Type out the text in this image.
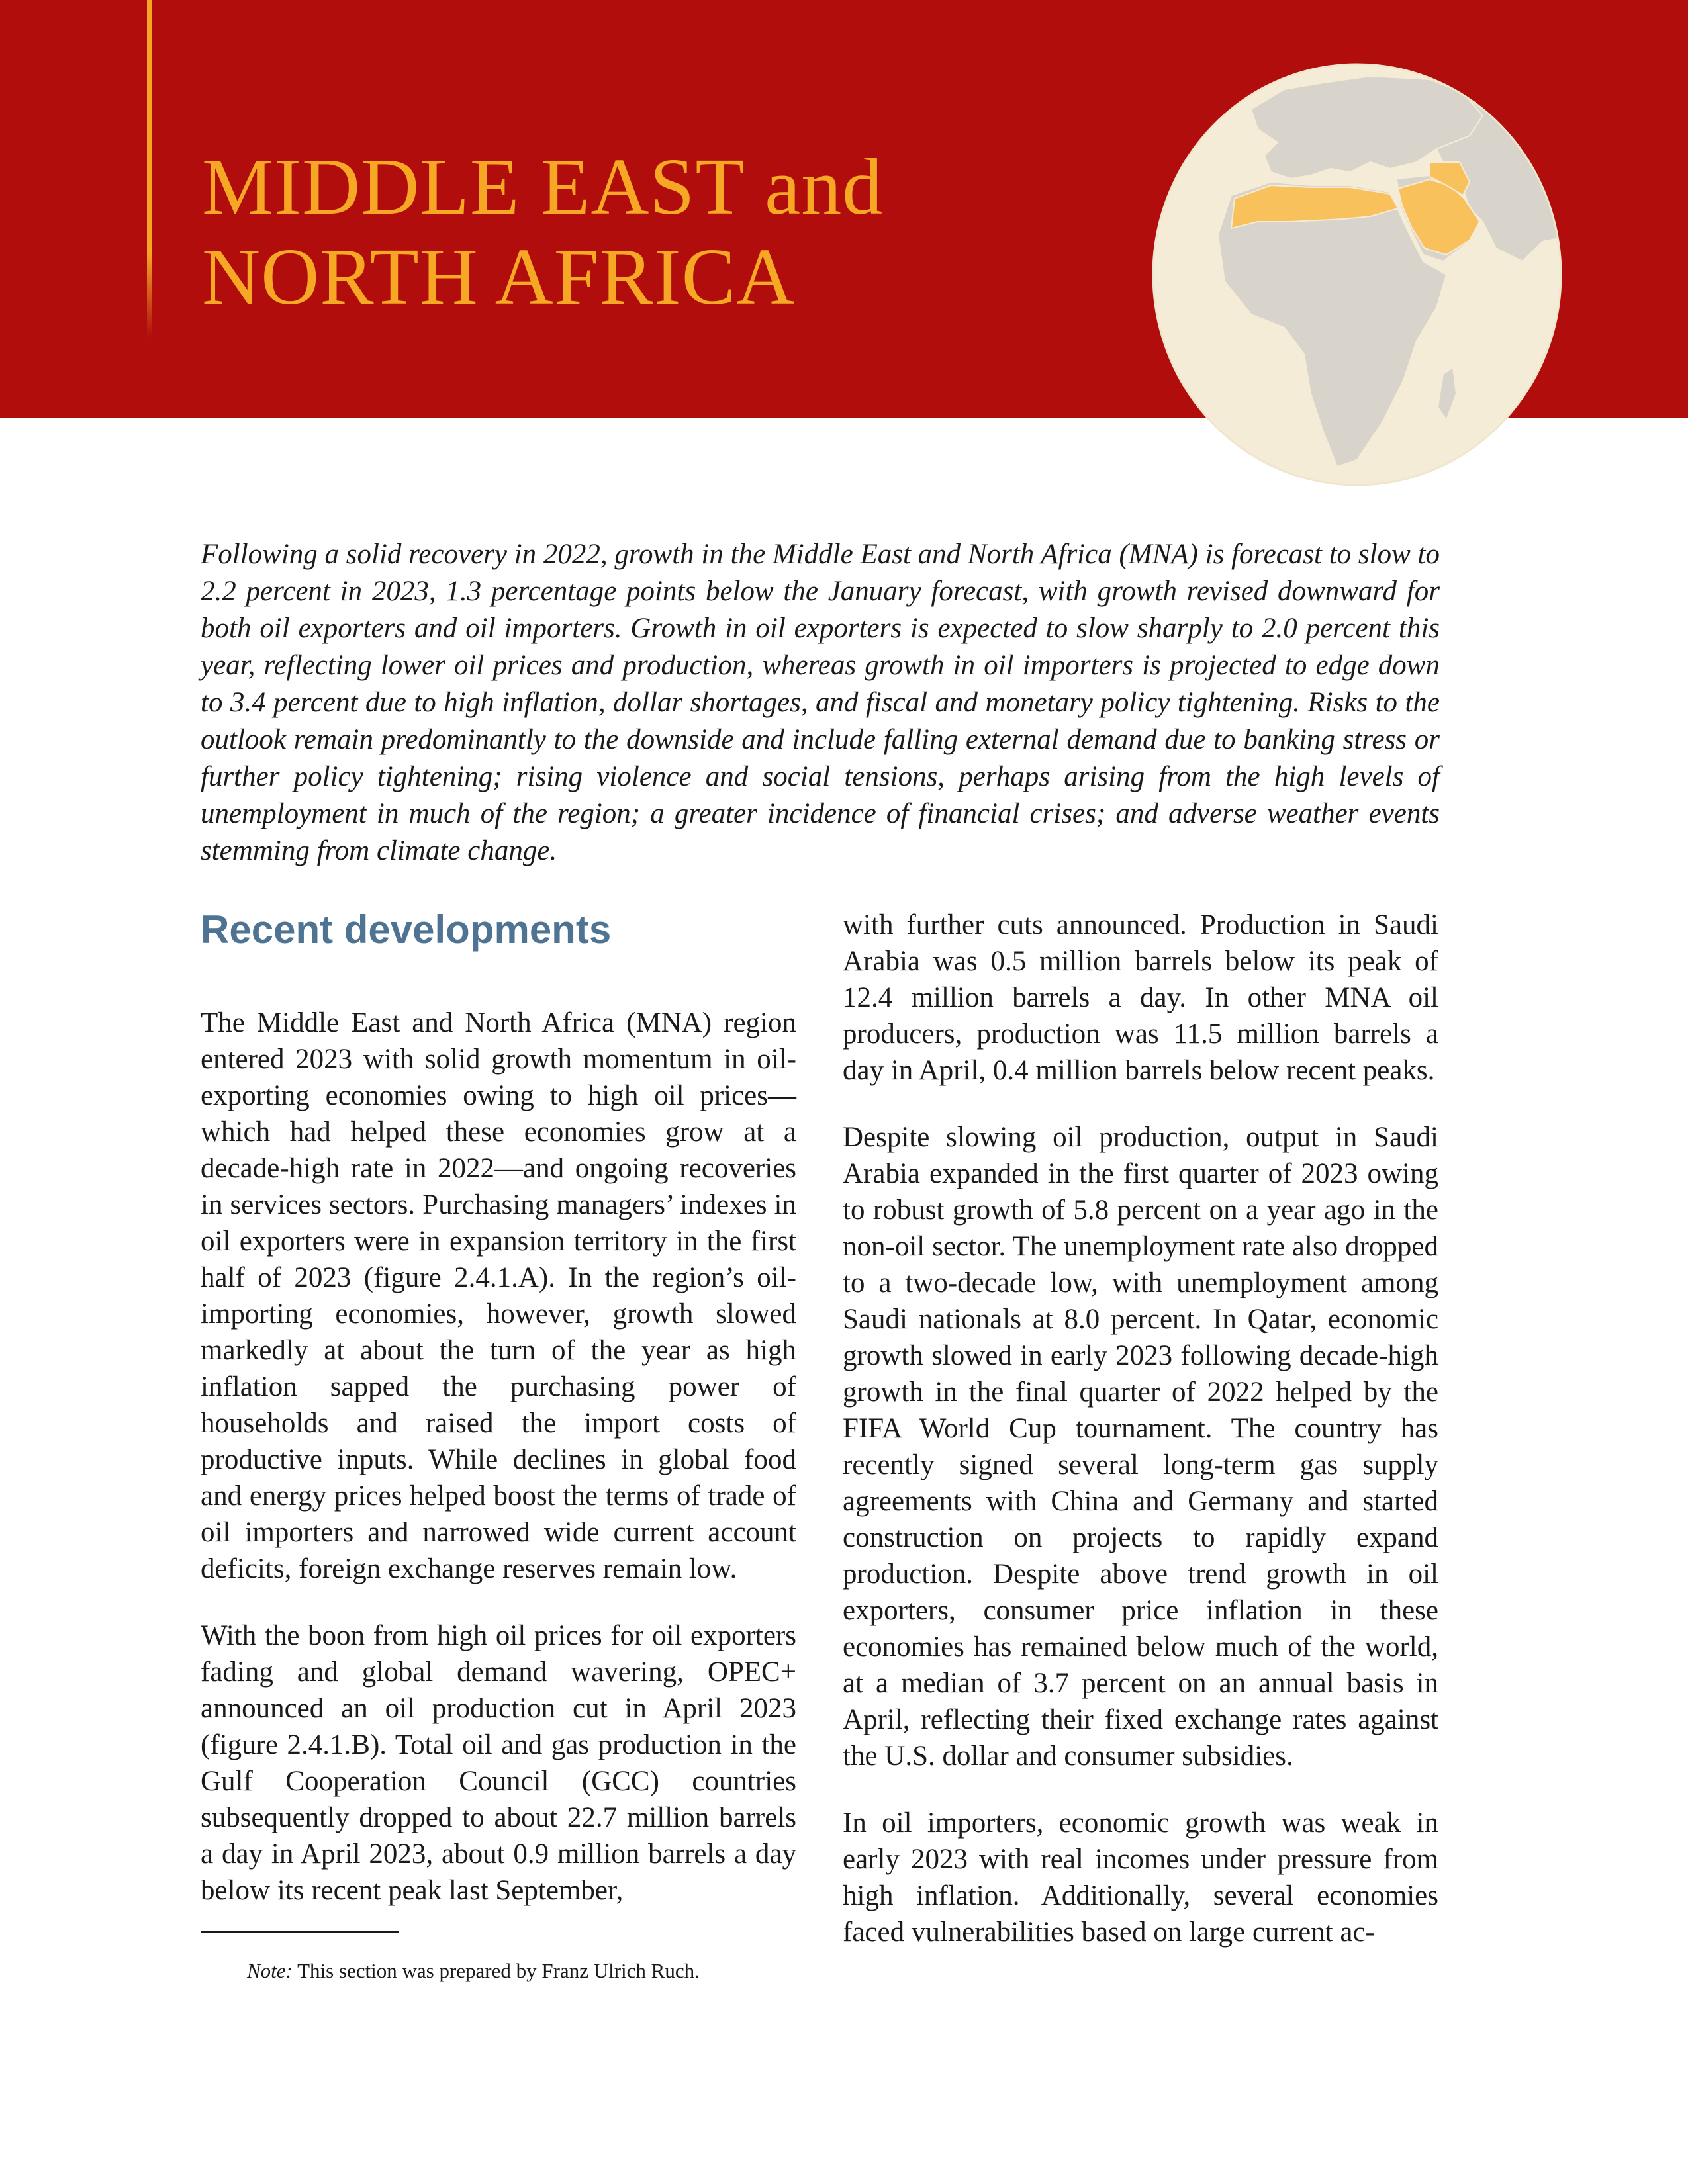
MIDDLE EAST and
NORTH AFRICA

Following a solid recovery in 2022, growth in the Middle East and North Africa (MNA) is forecast to slow to 2.2 percent in 2023, 1.3 percentage points below the January forecast, with growth revised downward for both oil exporters and oil importers. Growth in oil exporters is expected to slow sharply to 2.0 percent this year, reflecting lower oil prices and production, whereas growth in oil importers is projected to edge down to 3.4 percent due to high inflation, dollar shortages, and fiscal and monetary policy tightening. Risks to the outlook remain predominantly to the downside and include falling external demand due to banking stress or further policy tightening; rising violence and social tensions, perhaps arising from the high levels of unemployment in much of the region; a greater incidence of financial crises; and adverse weather events stemming from climate change.

Recent developments

The Middle East and North Africa (MNA) region entered 2023 with solid growth momentum in oil-exporting economies owing to high oil prices—which had helped these economies grow at a decade-high rate in 2022—and ongoing recoveries in services sectors. Purchasing managers’ indexes in oil exporters were in expansion territory in the first half of 2023 (figure 2.4.1.A). In the region’s oil-importing economies, however, growth slowed markedly at about the turn of the year as high inflation sapped the purchasing power of households and raised the import costs of productive inputs. While declines in global food and energy prices helped boost the terms of trade of oil importers and narrowed wide current account deficits, foreign exchange reserves remain low.

With the boon from high oil prices for oil exporters fading and global demand wavering, OPEC+ announced an oil production cut in April 2023 (figure 2.4.1.B). Total oil and gas production in the Gulf Cooperation Council (GCC) countries subsequently dropped to about 22.7 million barrels a day in April 2023, about 0.9 million barrels a day below its recent peak last September,

with further cuts announced. Production in Saudi Arabia was 0.5 million barrels below its peak of 12.4 million barrels a day. In other MNA oil producers, production was 11.5 million barrels a day in April, 0.4 million barrels below recent peaks.

Despite slowing oil production, output in Saudi Arabia expanded in the first quarter of 2023 owing to robust growth of 5.8 percent on a year ago in the non-oil sector. The unemployment rate also dropped to a two-decade low, with unemployment among Saudi nationals at 8.0 percent. In Qatar, economic growth slowed in early 2023 following decade-high growth in the final quarter of 2022 helped by the FIFA World Cup tournament. The country has recently signed several long-term gas supply agreements with China and Germany and started construction on projects to rapidly expand production. Despite above trend growth in oil exporters, consumer price inflation in these economies has remained below much of the world, at a median of 3.7 percent on an annual basis in April, reflecting their fixed exchange rates against the U.S. dollar and consumer subsidies.

In oil importers, economic growth was weak in early 2023 with real incomes under pressure from high inflation. Additionally, several economies faced vulnerabilities based on large current ac-

Note: This section was prepared by Franz Ulrich Ruch.
